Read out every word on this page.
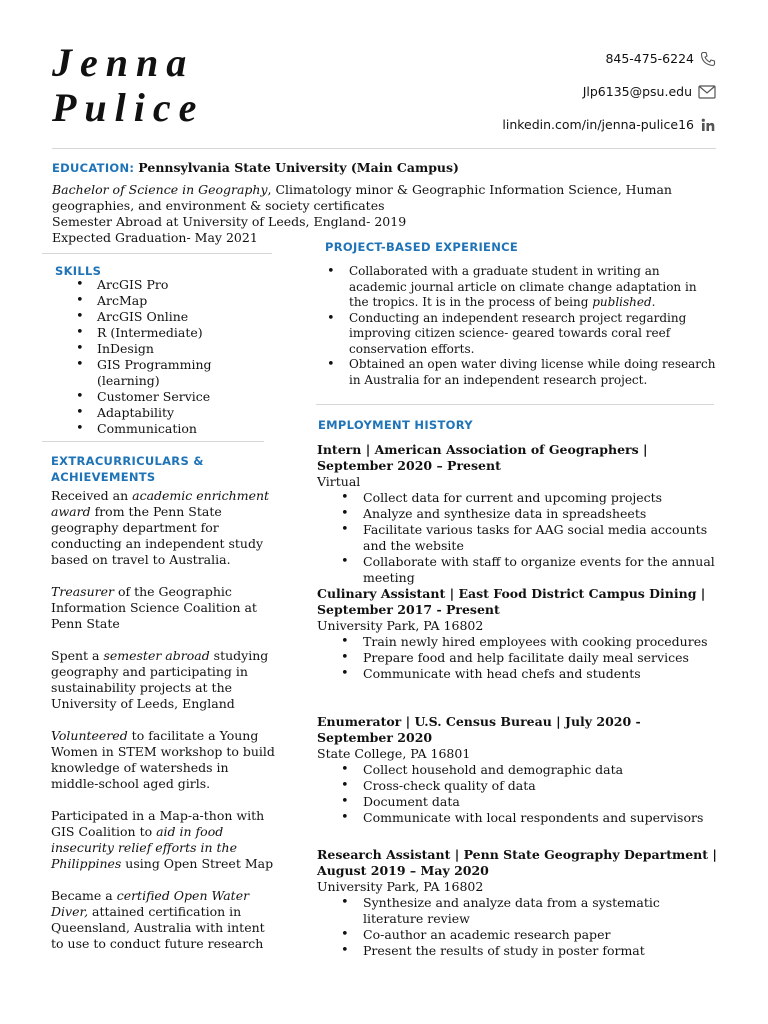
Jenna
Pulice
845-475-6224
Jlp6135@psu.edu
linkedin.com/in/jenna-pulice16
EDUCATION: Pennsylvania State University (Main Campus)
Bachelor of Science in Geography, Climatology minor & Geographic Information Science, Human geographies, and environment & society certificates
Semester Abroad at University of Leeds, England- 2019
Expected Graduation- May 2021
SKILLS
• ArcGIS Pro
• ArcMap
• ArcGIS Online
• R (Intermediate)
• InDesign
• GIS Programming (learning)
• Customer Service
• Adaptability
• Communication
EXTRACURRICULARS & ACHIEVEMENTS

Received an academic enrichment award from the Penn State geography department for conducting an independent study based on travel to Australia.

Treasurer of the Geographic Information Science Coalition at Penn State

Spent a semester abroad studying geography and participating in sustainability projects at the University of Leeds, England

Volunteered to facilitate a Young Women in STEM workshop to build knowledge of watersheds in middle-school aged girls.

Participated in a Map-a-thon with GIS Coalition to aid in food insecurity relief efforts in the Philippines using Open Street Map

Became a certified Open Water Diver, attained certification in Queensland, Australia with intent to use to conduct future research

PROJECT-BASED EXPERIENCE
• Collaborated with a graduate student in writing an academic journal article on climate change adaptation in the tropics. It is in the process of being published.
• Conducting an independent research project regarding improving citizen science- geared towards coral reef conservation efforts.
• Obtained an open water diving license while doing research in Australia for an independent research project.
EMPLOYMENT HISTORY
Intern | American Association of Geographers | September 2020 – Present
Virtual
• Collect data for current and upcoming projects
• Analyze and synthesize data in spreadsheets
• Facilitate various tasks for AAG social media accounts and the website
• Collaborate with staff to organize events for the annual meeting
Culinary Assistant | East Food District Campus Dining | September 2017 - Present
University Park, PA 16802
• Train newly hired employees with cooking procedures
• Prepare food and help facilitate daily meal services
• Communicate with head chefs and students
Enumerator | U.S. Census Bureau | July 2020 - September 2020
State College, PA 16801
• Collect household and demographic data
• Cross-check quality of data
• Document data
• Communicate with local respondents and supervisors
Research Assistant | Penn State Geography Department | August 2019 – May 2020
University Park, PA 16802
• Synthesize and analyze data from a systematic literature review
• Co-author an academic research paper
• Present the results of study in poster format
